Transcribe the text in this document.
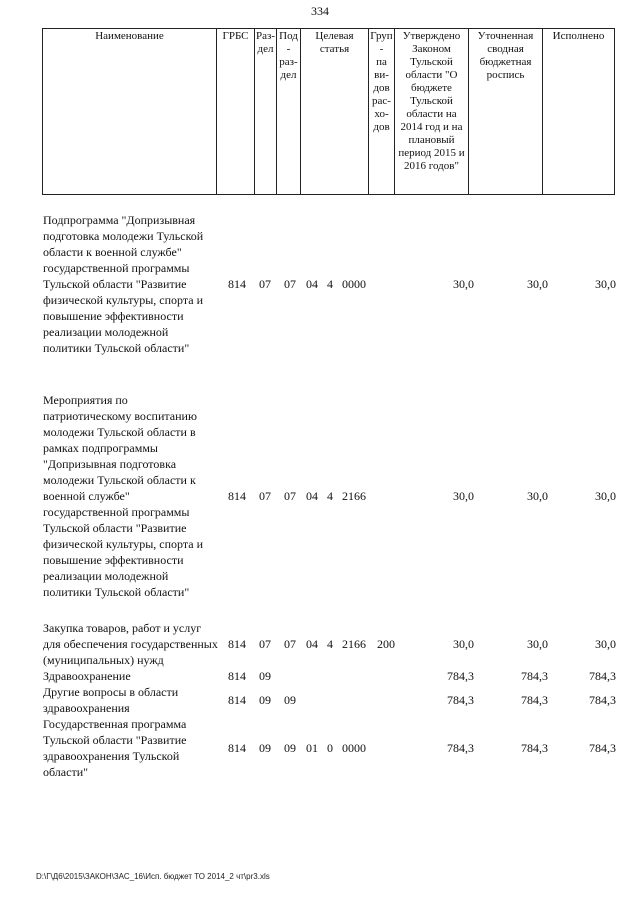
334
Наименование	ГРБС	Раз-
дел	Под-
раз-
дел	Целевая
статья	Груп-
па
ви-
дов
рас-
хо-
дов	Утверждено
Законом
Тульской
области "О
бюджете
Тульской
области на
2014 год и на
плановый
период 2015 и
2016 годов"	Уточненная
сводная
бюджетная
роспись	Исполнено
Подпрограмма "Допризывная подготовка молодежи Тульской области к военной службе" государственной программы Тульской области "Развитие физической культуры, спорта и повышение эффективности реализации молодежной политики Тульской области"	814	07	07	04 4 0000		30,0	30,0	30,0

Мероприятия по патриотическому воспитанию молодежи Тульской области в рамках подпрограммы "Допризывная подготовка молодежи Тульской области к военной службе" государственной программы Тульской области "Развитие физической культуры, спорта и повышение эффективности реализации молодежной политики Тульской области"	814	07	07	04 4 2166		30,0	30,0	30,0

Закупка товаров, работ и услуг для обеспечения государственных (муниципальных) нужд	814	07	07	04 4 2166	200	30,0	30,0	30,0
Здравоохранение	814	09				784,3	784,3	784,3
Другие вопросы в области здравоохранения	814	09	09			784,3	784,3	784,3
Государственная программа Тульской области "Развитие здравоохранения Тульской области"	814	09	09	01 0 0000		784,3	784,3	784,3
D:\Г\Д6\2015\ЗАКОН\ЗАС_16\Исп. бюджет ТО 2014_2 чт\pr3.xls
